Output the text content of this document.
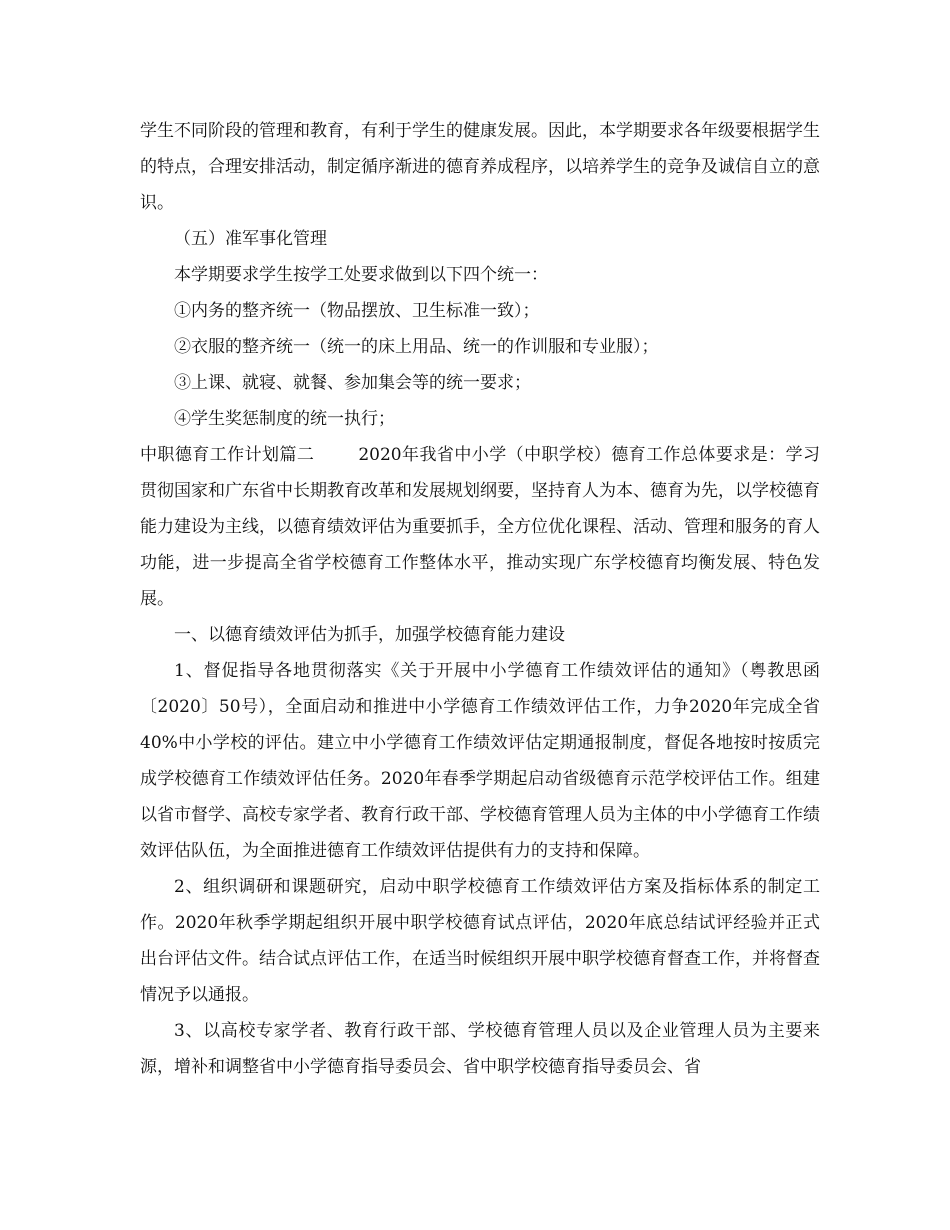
学生不同阶段的管理和教育，有利于学生的健康发展。因此，本学期要求各年级要根据学生的特点，合理安排活动，制定循序渐进的德育养成程序，以培养学生的竞争及诚信自立的意识。

（五）准军事化管理

本学期要求学生按学工处要求做到以下四个统一：

①内务的整齐统一（物品摆放、卫生标准一致）；

②衣服的整齐统一（统一的床上用品、统一的作训服和专业服）；

③上课、就寝、就餐、参加集会等的统一要求；

④学生奖惩制度的统一执行；

中职德育工作计划篇二	2020年我省中小学（中职学校）德育工作总体要求是：学习贯彻国家和广东省中长期教育改革和发展规划纲要，坚持育人为本、德育为先，以学校德育能力建设为主线，以德育绩效评估为重要抓手，全方位优化课程、活动、管理和服务的育人功能，进一步提高全省学校德育工作整体水平，推动实现广东学校德育均衡发展、特色发展。

一、以德育绩效评估为抓手，加强学校德育能力建设

1、督促指导各地贯彻落实《关于开展中小学德育工作绩效评估的通知》（粤教思函〔2020〕50号），全面启动和推进中小学德育工作绩效评估工作，力争2020年完成全省40%中小学校的评估。建立中小学德育工作绩效评估定期通报制度，督促各地按时按质完成学校德育工作绩效评估任务。2020年春季学期起启动省级德育示范学校评估工作。组建以省市督学、高校专家学者、教育行政干部、学校德育管理人员为主体的中小学德育工作绩效评估队伍，为全面推进德育工作绩效评估提供有力的支持和保障。

2、组织调研和课题研究，启动中职学校德育工作绩效评估方案及指标体系的制定工作。2020年秋季学期起组织开展中职学校德育试点评估，2020年底总结试评经验并正式出台评估文件。结合试点评估工作，在适当时候组织开展中职学校德育督查工作，并将督查情况予以通报。

3、以高校专家学者、教育行政干部、学校德育管理人员以及企业管理人员为主要来源，增补和调整省中小学德育指导委员会、省中职学校德育指导委员会、省
